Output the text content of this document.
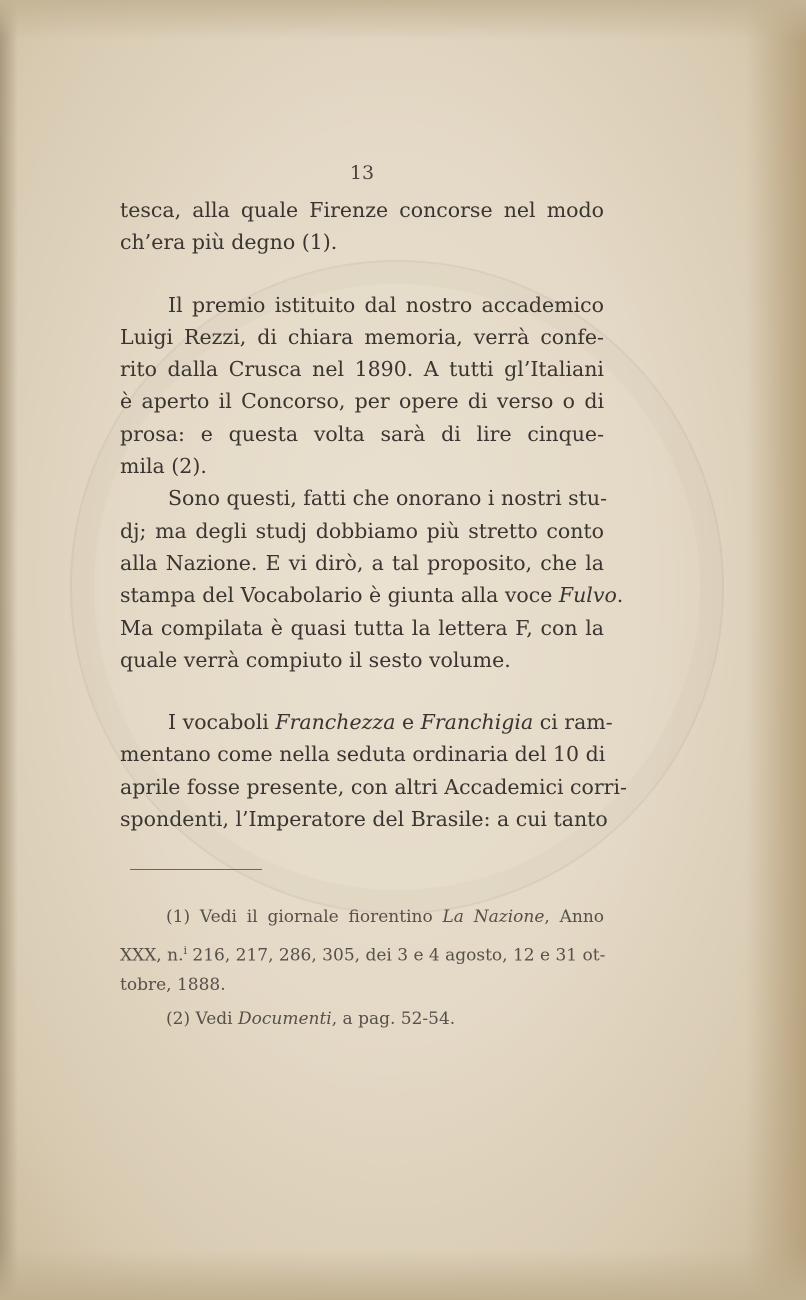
13
tesca, alla quale Firenze concorse nel modo
ch’era più degno (1).
Il premio istituito dal nostro accademico
Luigi Rezzi, di chiara memoria, verrà confe-
rito dalla Crusca nel 1890. A tutti gl’Italiani
è aperto il Concorso, per opere di verso o di
prosa: e questa volta sarà di lire cinque-
mila (2).
Sono questi, fatti che onorano i nostri stu-
dj; ma degli studj dobbiamo più stretto conto
alla Nazione. E vi dirò, a tal proposito, che la
stampa del Vocabolario è giunta alla voce Fulvo.
Ma compilata è quasi tutta la lettera F, con la
quale verrà compiuto il sesto volume.
I vocaboli Franchezza e Franchigia ci ram-
mentano come nella seduta ordinaria del 10 di
aprile fosse presente, con altri Accademici corri-
spondenti, l’Imperatore del Brasile: a cui tanto
(1) Vedi il giornale fiorentino La Nazione, Anno
XXX, n.$^i$ 216, 217, 286, 305, dei 3 e 4 agosto, 12 e 31 ot-
tobre, 1888.
(2) Vedi Documenti, a pag. 52-54.
